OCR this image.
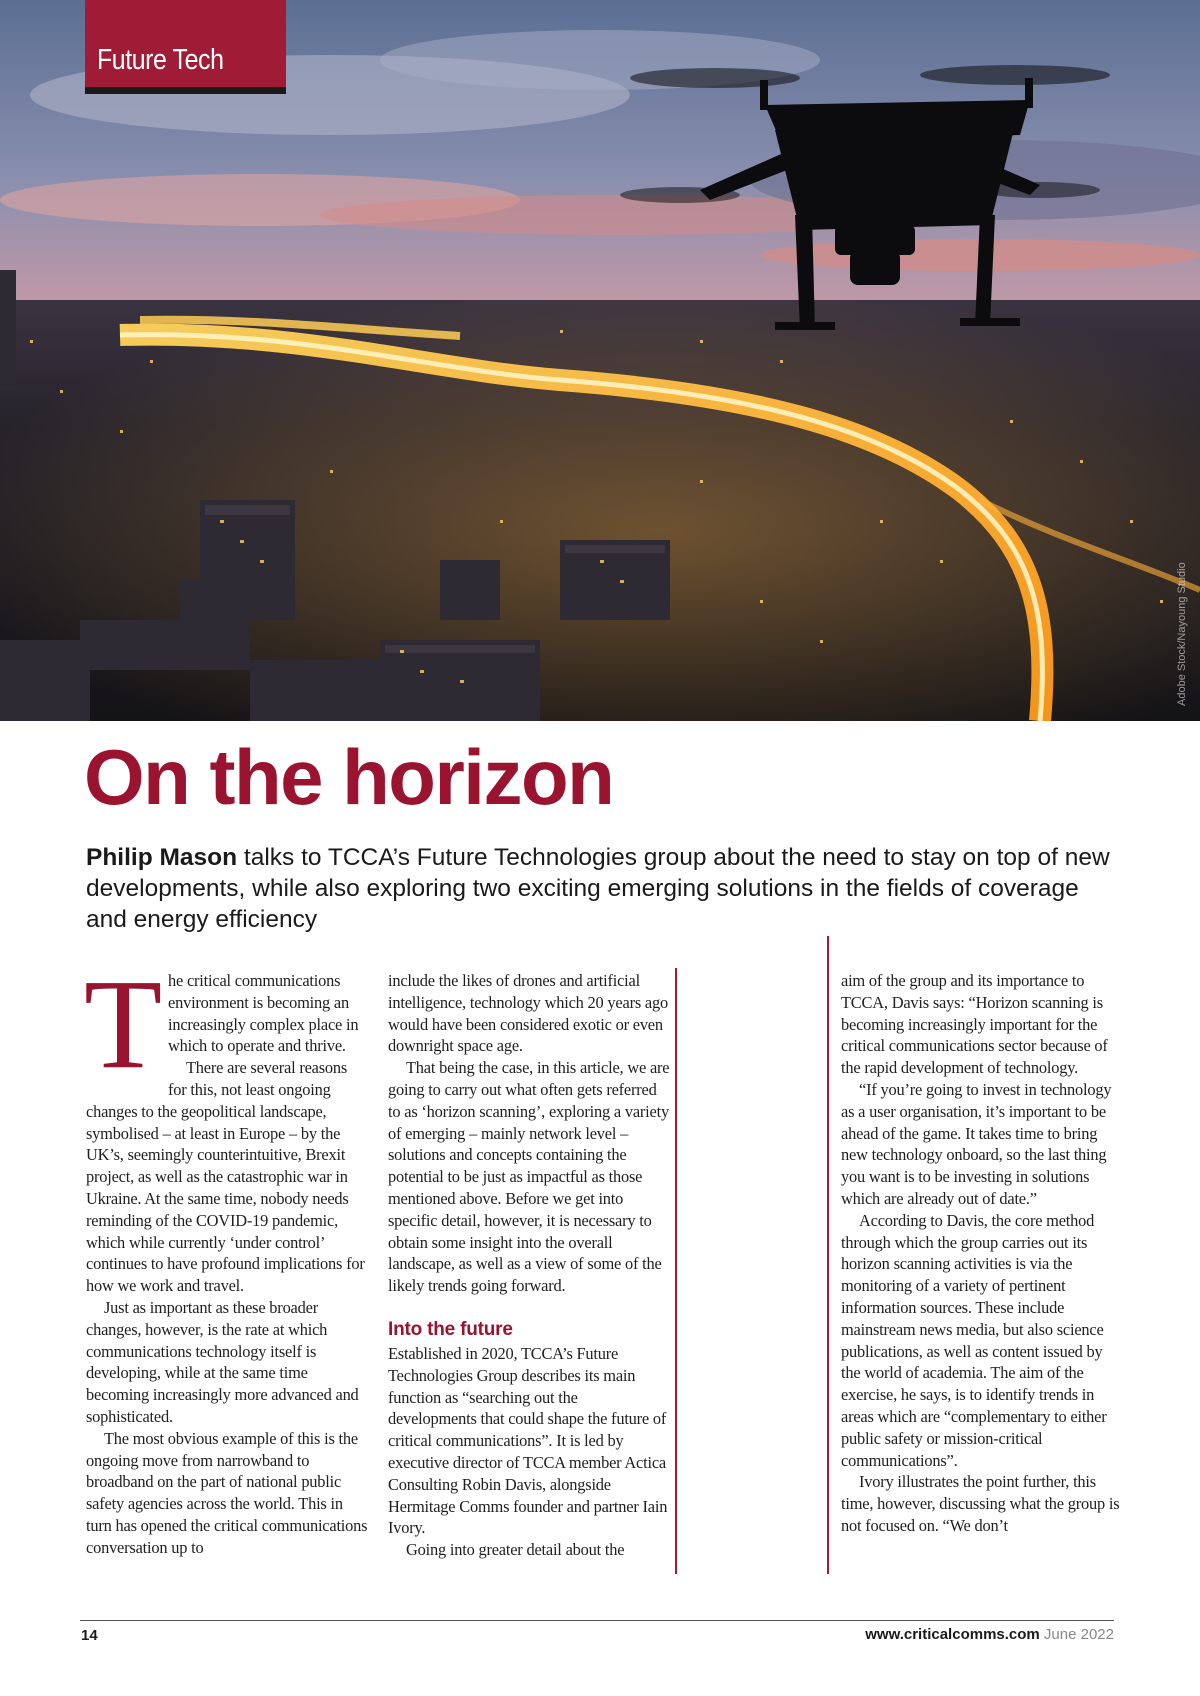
Future Tech
Adobe Stock/Nayoung Studio
On the horizon

Philip Mason talks to TCCA’s Future Technologies group about the need to stay on top of new developments, while also exploring two exciting emerging solutions in the fields of coverage and energy efficiency

T he critical communications environment is becoming an increasingly complex place in which to operate and thrive.

There are several reasons for this, not least ongoing changes to the geopolitical landscape, symbolised – at least in Europe – by the UK’s, seemingly counterintuitive, Brexit project, as well as the catastrophic war in Ukraine. At the same time, nobody needs reminding of the COVID-19 pandemic, which while currently ‘under control’ continues to have profound implications for how we work and travel.

Just as important as these broader changes, however, is the rate at which communications technology itself is developing, while at the same time becoming increasingly more advanced and sophisticated.

The most obvious example of this is the ongoing move from narrowband to broadband on the part of national public safety agencies across the world. This in turn has opened the critical communications conversation up to

include the likes of drones and artificial intelligence, technology which 20 years ago would have been considered exotic or even downright space age.

That being the case, in this article, we are going to carry out what often gets referred to as ‘horizon scanning’, exploring a variety of emerging – mainly network level – solutions and concepts containing the potential to be just as impactful as those mentioned above. Before we get into specific detail, however, it is necessary to obtain some insight into the overall landscape, as well as a view of some of the likely trends going forward.

Into the future

Established in 2020, TCCA’s Future Technologies Group describes its main function as “searching out the developments that could shape the future of critical communications”. It is led by executive director of TCCA member Actica Consulting Robin Davis, alongside Hermitage Comms founder and partner Iain Ivory.

Going into greater detail about the

aim of the group and its importance to TCCA, Davis says: “Horizon scanning is becoming increasingly important for the critical communications sector because of the rapid development of technology.

“If you’re going to invest in technology as a user organisation, it’s important to be ahead of the game. It takes time to bring new technology onboard, so the last thing you want is to be investing in solutions which are already out of date.”

According to Davis, the core method through which the group carries out its horizon scanning activities is via the monitoring of a variety of pertinent information sources. These include mainstream news media, but also science publications, as well as content issued by the world of academia. The aim of the exercise, he says, is to identify trends in areas which are “complementary to either public safety or mission-critical communications”.

Ivory illustrates the point further, this time, however, discussing what the group is not focused on. “We don’t

14	www.criticalcomms.com June 2022
